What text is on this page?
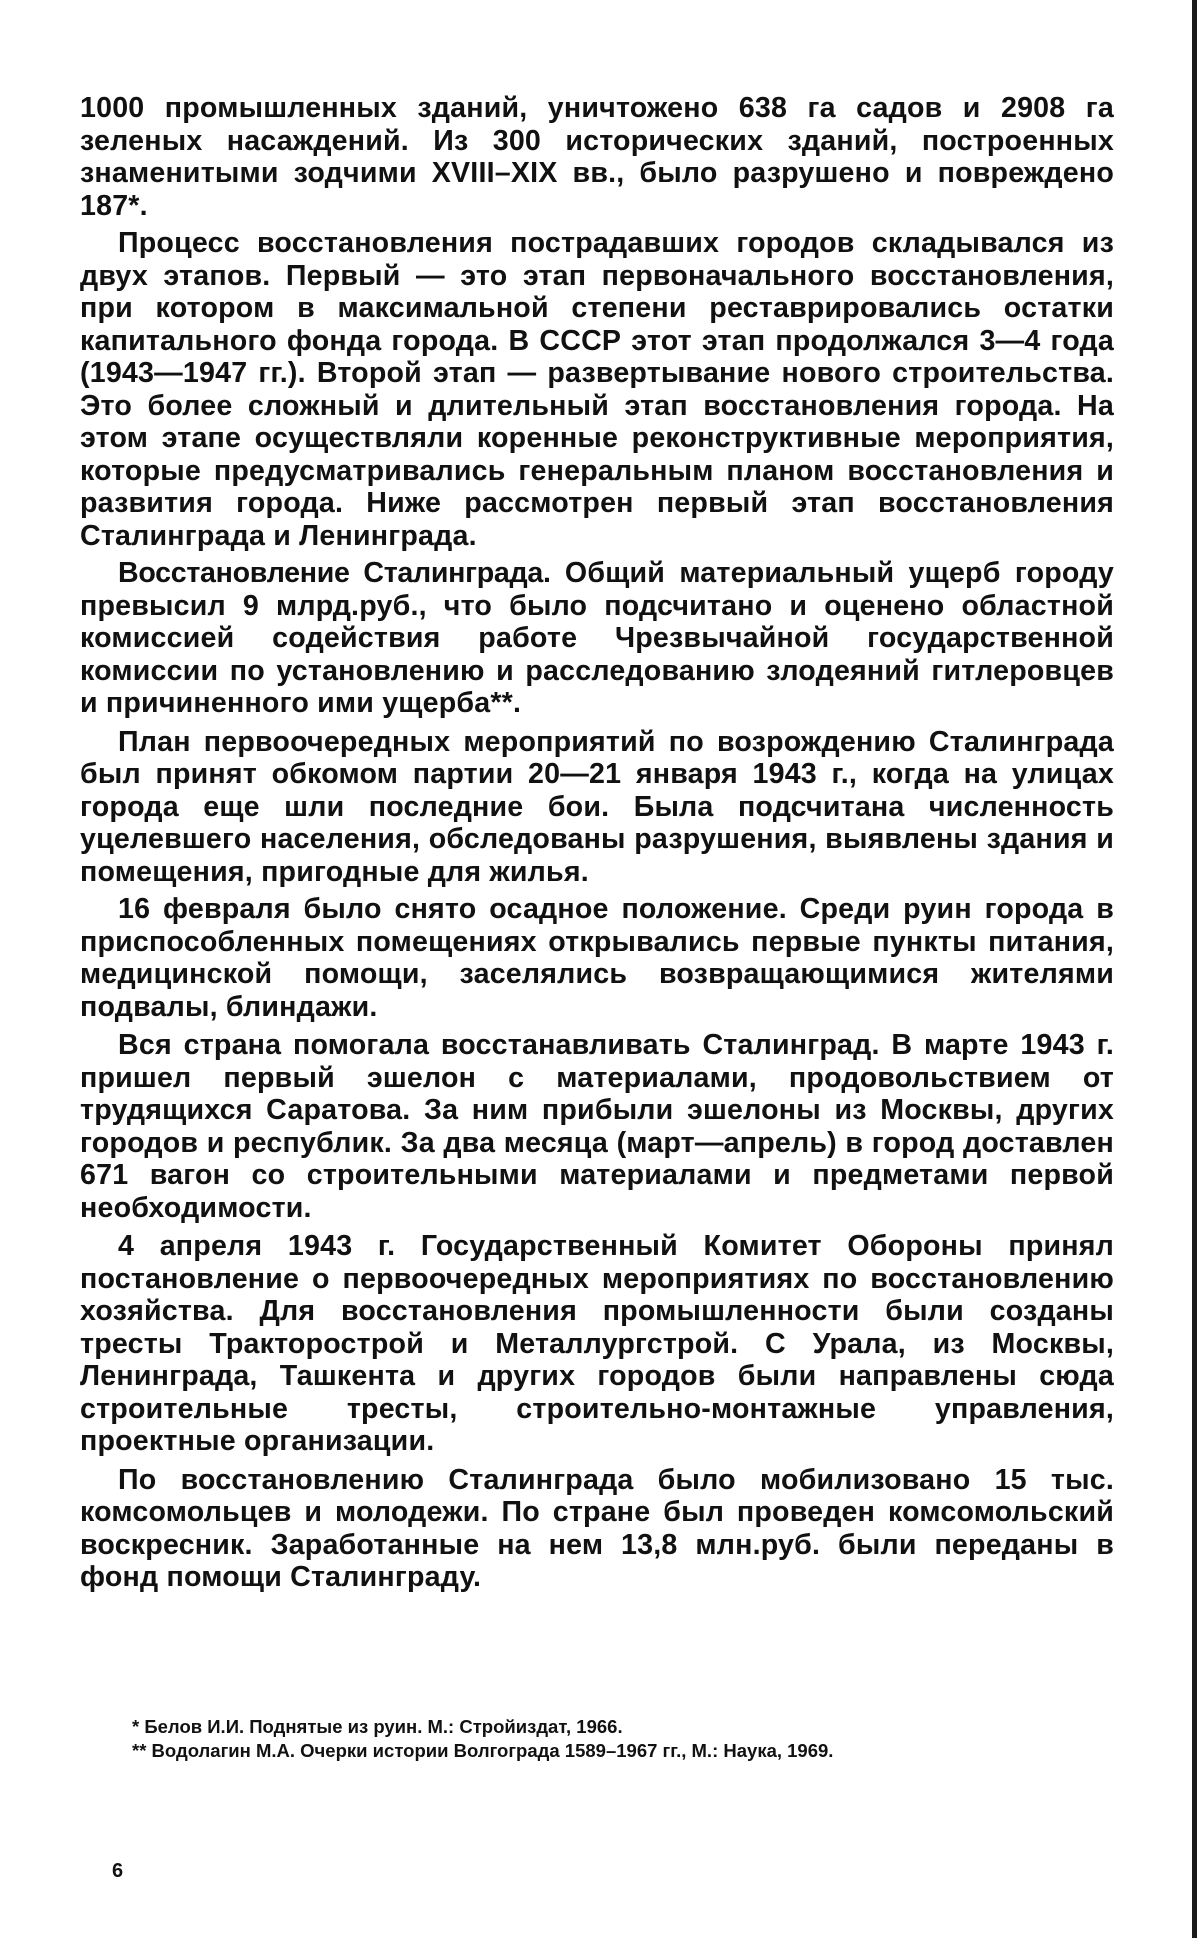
1000 промышленных зданий, уничтожено 638 га садов и 2908 га зеленых насаждений. Из 300 исторических зданий, построенных знаменитыми зодчими XVIII–XIX вв., было разрушено и повреждено 187*.

Процесс восстановления пострадавших городов складывался из двух этапов. Первый — это этап первоначального восстановления, при котором в максимальной степени реставрировались остатки капитального фонда города. В СССР этот этап продолжался 3—4 года (1943—1947 гг.). Второй этап — развертывание нового строительства. Это более сложный и длительный этап восстановления города. На этом этапе осуществляли коренные реконструктивные мероприятия, которые предусматривались генеральным планом восстановления и развития города. Ниже рассмотрен первый этап восстановления Сталинграда и Ленинграда.

Восстановление Сталинграда. Общий материальный ущерб городу превысил 9 млрд.руб., что было подсчитано и оценено областной комиссией содействия работе Чрезвычайной государственной комиссии по установлению и расследованию злодеяний гитлеровцев и причиненного ими ущерба**.

План первоочередных мероприятий по возрождению Сталинграда был принят обкомом партии 20—21 января 1943 г., когда на улицах города еще шли последние бои. Была подсчитана численность уцелевшего населения, обследованы разрушения, выявлены здания и помещения, пригодные для жилья.

16 февраля было снято осадное положение. Среди руин города в приспособленных помещениях открывались первые пункты питания, медицинской помощи, заселялись возвращающимися жителями подвалы, блиндажи.

Вся страна помогала восстанавливать Сталинград. В марте 1943 г. пришел первый эшелон с материалами, продовольствием от трудящихся Саратова. За ним прибыли эшелоны из Москвы, других городов и республик. За два месяца (март—апрель) в город доставлен 671 вагон со строительными материалами и предметами первой необходимости.

4 апреля 1943 г. Государственный Комитет Обороны принял постановление о первоочередных мероприятиях по восстановлению хозяйства. Для восстановления промышленности были созданы тресты Тракторострой и Металлургстрой. С Урала, из Москвы, Ленинграда, Ташкента и других городов были направлены сюда строительные тресты, строительно-монтажные управления, проектные организации.

По восстановлению Сталинграда было мобилизовано 15 тыс. комсомольцев и молодежи. По стране был проведен комсомольский воскресник. Заработанные на нем 13,8 млн.руб. были переданы в фонд помощи Сталинграду.

* Белов И.И. Поднятые из руин. М.: Стройиздат, 1966.

** Водолагин М.А. Очерки истории Волгограда 1589–1967 гг., М.: Наука, 1969.

6
